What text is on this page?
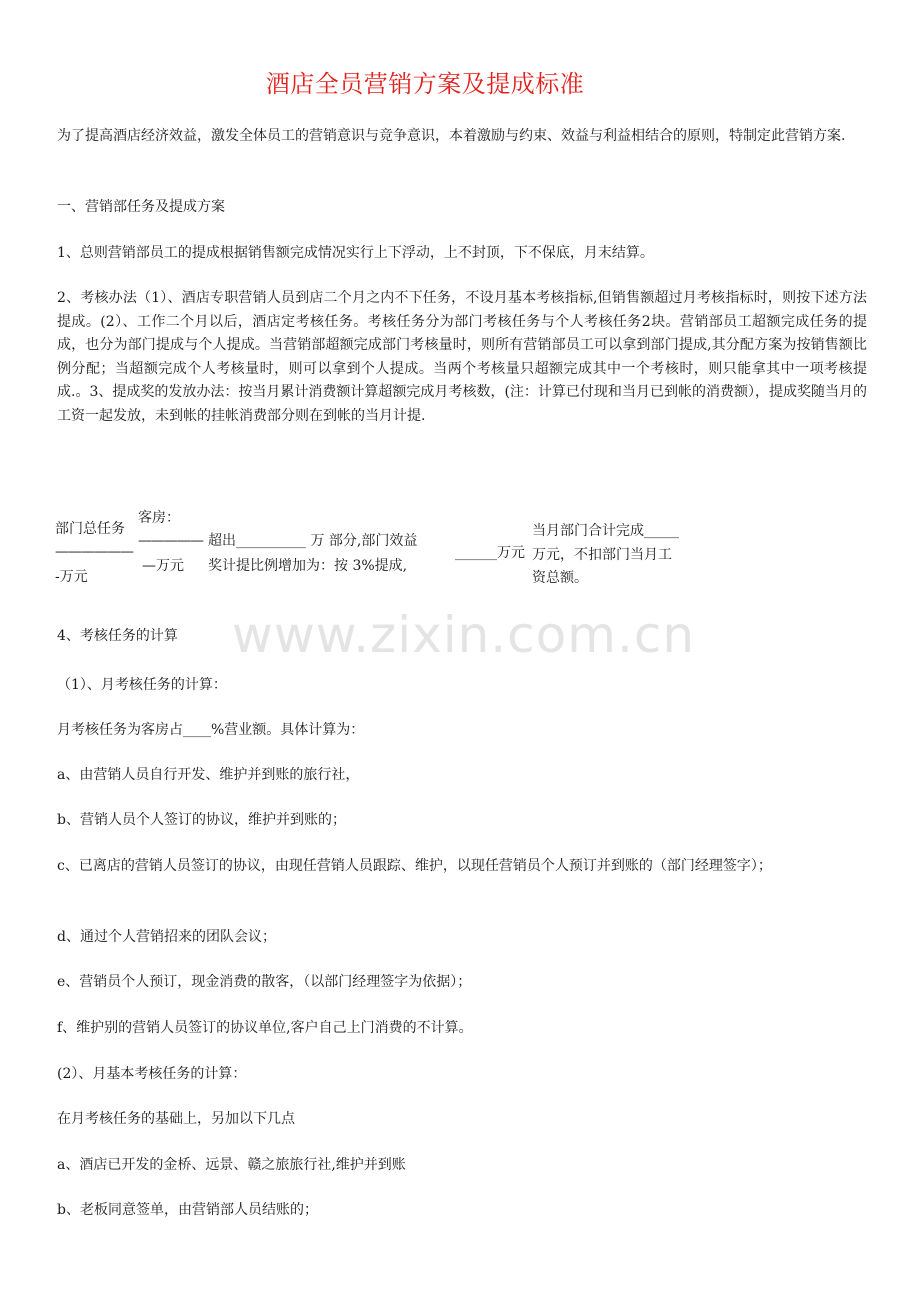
酒店全员营销方案及提成标准
为了提高酒店经济效益，激发全体员工的营销意识与竞争意识，本着激励与约束、效益与利益相结合的原则，特制定此营销方案.
一、营销部任务及提成方案
1、总则营销部员工的提成根据销售额完成情况实行上下浮动，上不封顶，下不保底，月末结算。
2、考核办法（1）、酒店专职营销人员到店二个月之内不下任务，不设月基本考核指标,但销售额超过月考核指标时，则按下述方法提成。(2）、工作二个月以后，酒店定考核任务。考核任务分为部门考核任务与个人考核任务2块。营销部员工超额完成任务的提成，也分为部门提成与个人提成。当营销部超额完成部门考核量时，则所有营销部员工可以拿到部门提成,其分配方案为按销售额比例分配；当超额完成个人考核量时，则可以拿到个人提成。当两个考核量只超额完成其中一个考核时，则只能拿其中一项考核提成.。3、提成奖的发放办法：按当月累计消费额计算超额完成月考核数，(注：计算已付现和当月已到帐的消费额），提成奖随当月的工资一起发放，未到帐的挂帐消费部分则在到帐的当月计提.
部门总任务
——————
-万元
客房：
—————
—万元
超出__________ 万 部分,部门效益
奖计提比例增加为：按 3%提成,
______万元
当月部门合计完成_____
万元，不扣部门当月工
资总额。
www.zixin.com.cn
4、考核任务的计算
（1）、月考核任务的计算：
月考核任务为客房占____%营业额。具体计算为：
a、由营销人员自行开发、维护并到账的旅行社，
b、营销人员个人签订的协议，维护并到账的；
c、已离店的营销人员签订的协议，由现任营销人员跟踪、维护，以现任营销员个人预订并到账的（部门经理签字）；
d、通过个人营销招来的团队会议；
e、营销员个人预订，现金消费的散客，（以部门经理签字为依据）；
f、维护别的营销人员签订的协议单位,客户自己上门消费的不计算。
(2）、月基本考核任务的计算：
在月考核任务的基础上，另加以下几点
a、酒店已开发的金桥、远景、赣之旅旅行社,维护并到账
b、老板同意签单，由营销部人员结账的；
